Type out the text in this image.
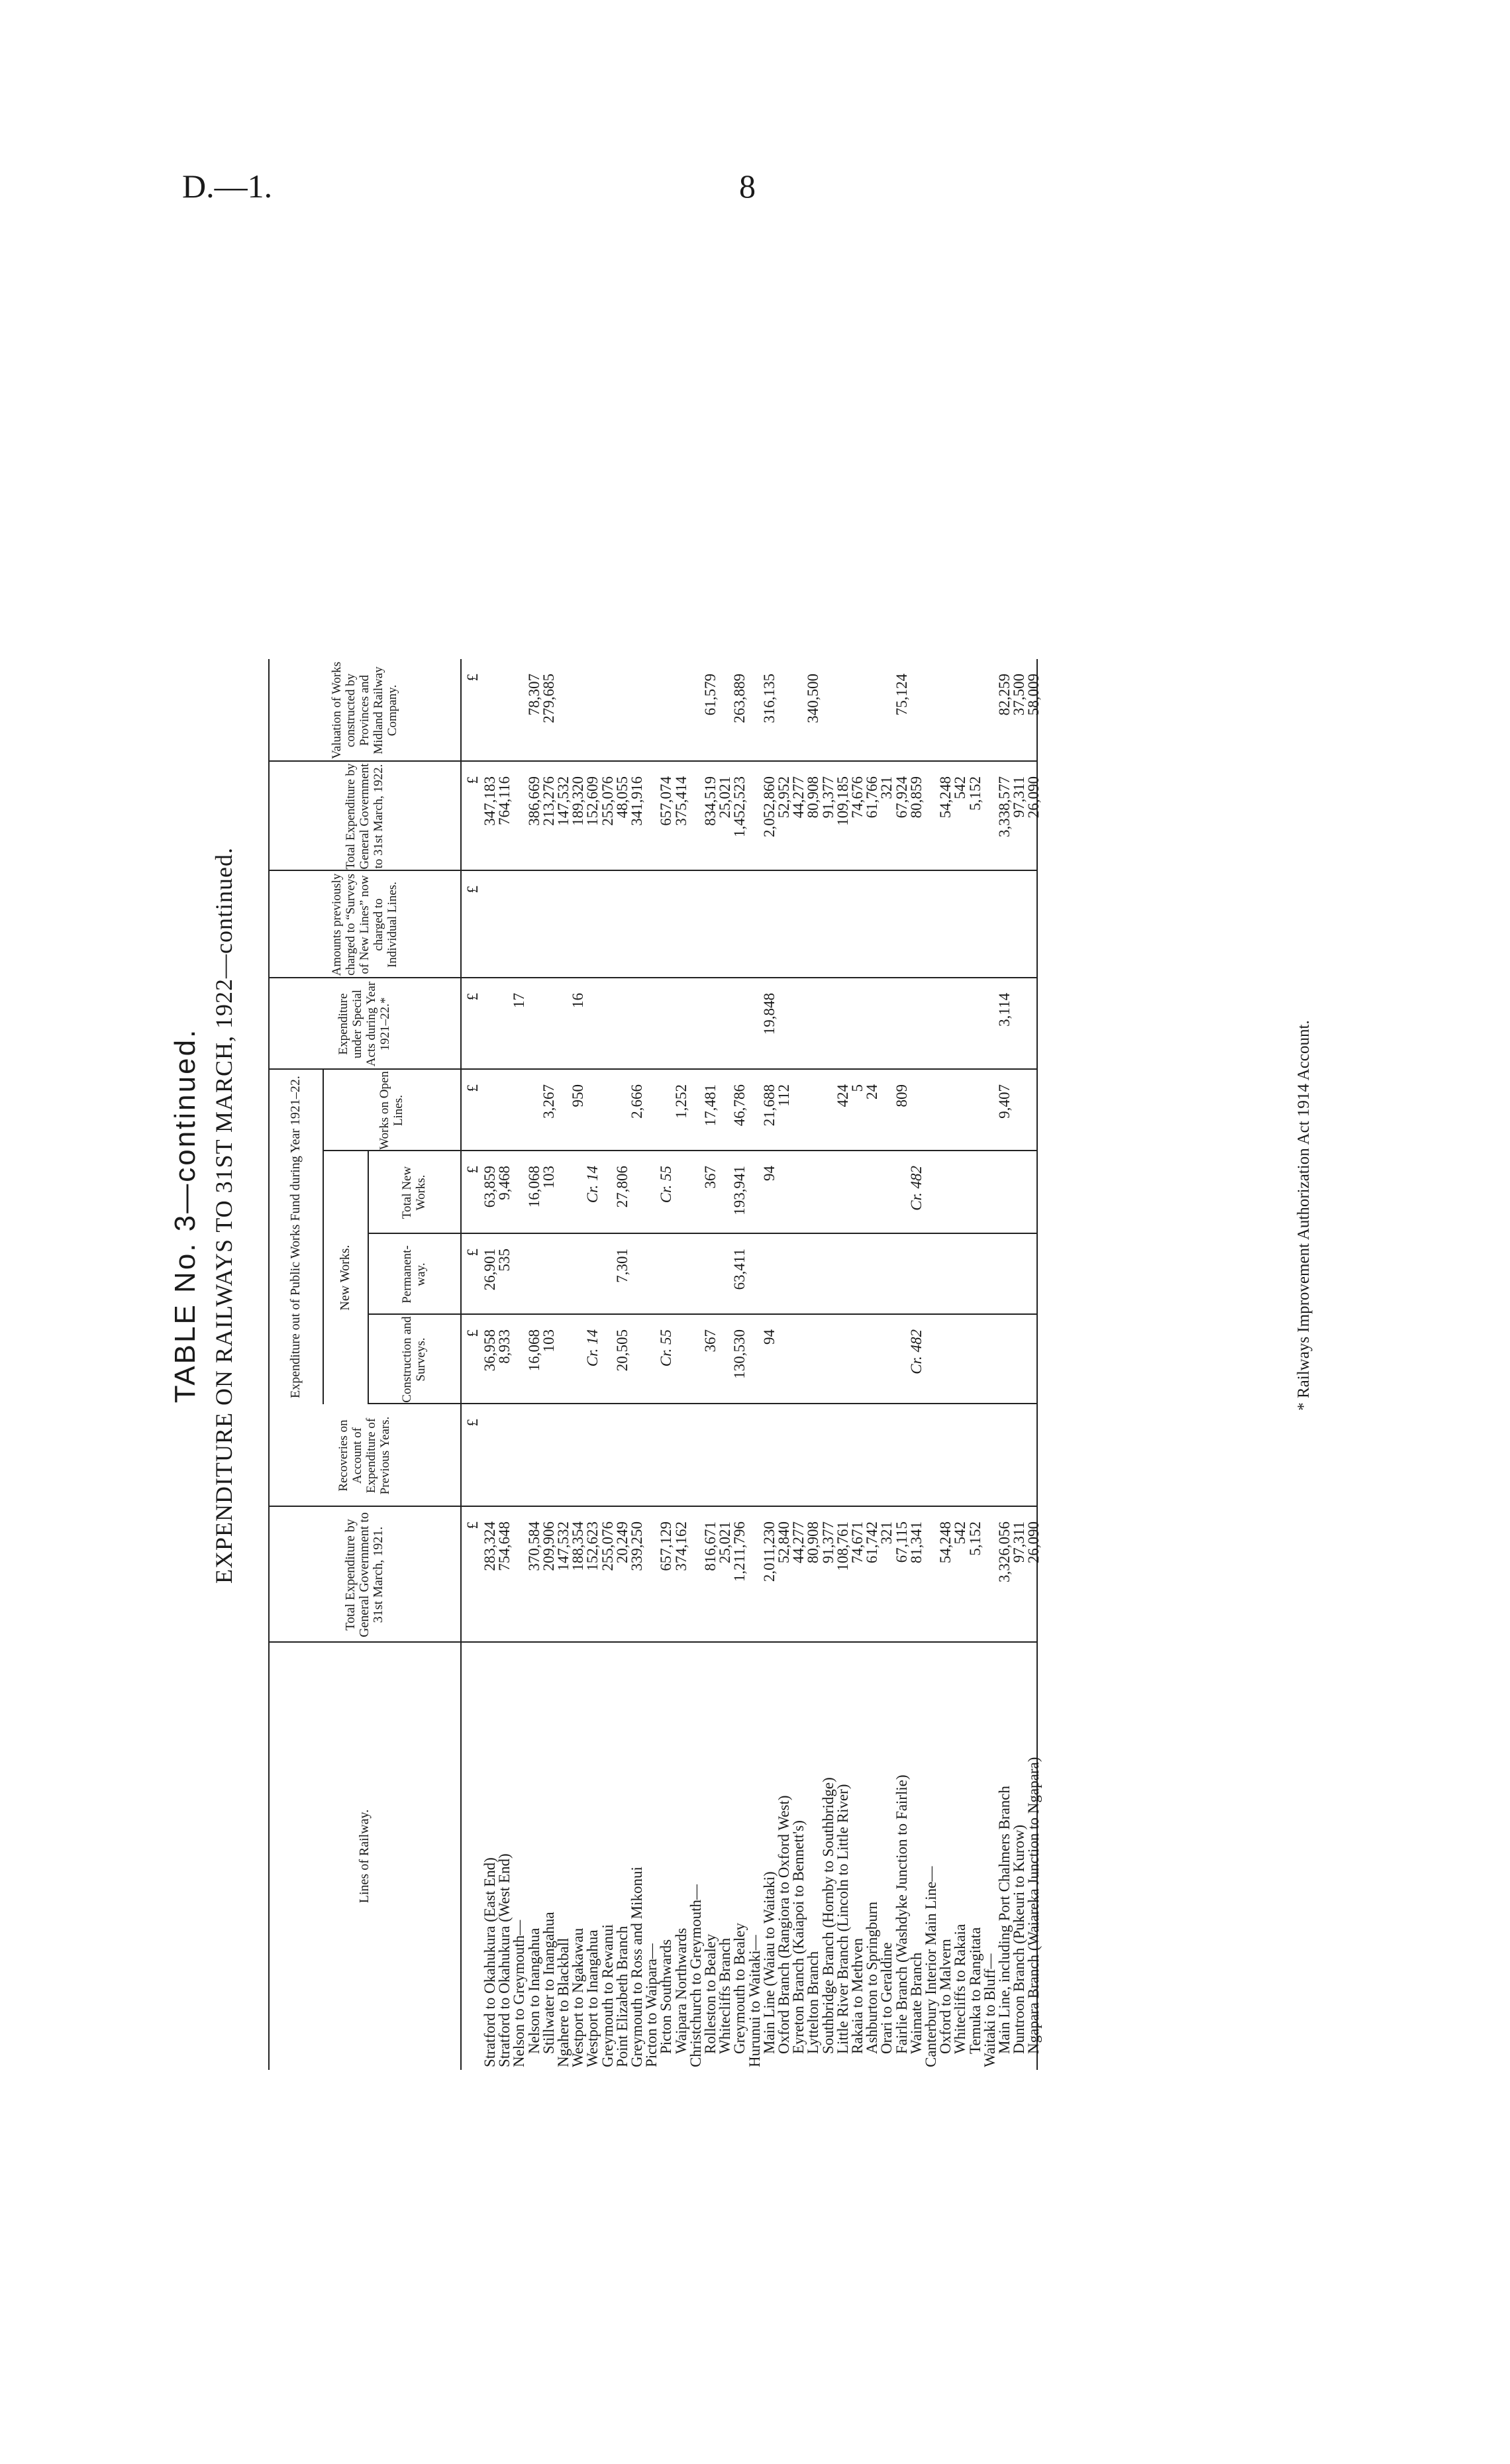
D.—1.	8
TABLE No. 3—continued. EXPENDITURE ON RAILWAYS TO 31ST MARCH, 1922—continued.
Lines of Railway.
Total Expenditure by General Government to 31st March, 1921.
Recoveries on Account of Expenditure of Previous Years.
Expenditure out of Public Works Fund during Year 1921–22.	New Works.
Construction and Surveys.
Permanent-way.
Total New Works.
Works on Open Lines.
Expenditure under Special Acts during Year 1921–22.*
Amounts previously charged to “Surveys of New Lines” now charged to Individual Lines.
Total Expenditure by General Government to 31st March, 1922.
Valuation of Works constructed by Provinces and Midland Railway Company.
£
£
£
£
£
£
£
£
£
£
Stratford to Okahukura (East End)
283,324
36,958
26,901
63,859
347,183
Stratford to Okahukura (West End)
754,648
8,933
535
9,468
764,116
Nelson to Greymouth—
17
Nelson to Inangahua
370,584
16,068
16,068
386,669
78,307
Stillwater to Inangahua
209,906
103
103
3,267
213,276
279,685
Ngahere to Blackball
147,532
147,532
Westport to Ngakawau
188,354
950
16
189,320
Westport to Inangahua
152,623
Cr. 14
Cr. 14
152,609
Greymouth to Rewanui
255,076
255,076
Point Elizabeth Branch
20,249
20,505
7,301
27,806
48,055
Greymouth to Ross and Mikonui
339,250
2,666
341,916
Picton to Waipara—
Picton Southwards
657,129
Cr. 55
Cr. 55
657,074
Waipara Northwards
374,162
1,252
375,414
Christchurch to Greymouth—
Rolleston to Bealey
816,671
367
367
17,481
834,519
61,579
Whitecliffs Branch
25,021
25,021
Greymouth to Bealey
1,211,796
130,530
63,411
193,941
46,786
1,452,523
263,889
Hurunui to Waitaki—
Main Line (Waiau to Waitaki)
2,011,230
94
94
21,688
19,848
2,052,860
316,135
Oxford Branch (Rangiora to Oxford West)
52,840
112
52,952
Eyreton Branch (Kaiapoi to Bennett's)
44,277
44,277
Lyttelton Branch
80,908
80,908
340,500
Southbridge Branch (Hornby to Southbridge)
91,377
91,377
Little River Branch (Lincoln to Little River)
108,761
424
109,185
Rakaia to Methven
74,671
5
74,676
Ashburton to Springburn
61,742
24
61,766
Orari to Geraldine
321
321
Fairlie Branch (Washdyke Junction to Fairlie)
67,115
809
67,924
75,124
Waimate Branch
81,341
Cr. 482
Cr. 482
80,859
Canterbury Interior Main Line—
Oxford to Malvern
54,248
54,248
Whitecliffs to Rakaia
542
542
Temuka to Rangitata
5,152
5,152
Waitaki to Bluff—
Main Line, including Port Chalmers Branch
3,326,056
9,407
3,114
3,338,577
82,259
Duntroon Branch (Pukeuri to Kurow)
97,311
97,311
37,500
Ngapara Branch (Waiareka Junction to Ngapara)
26,090
26,090
58,009
* Railways Improvement Authorization Act 1914 Account.
